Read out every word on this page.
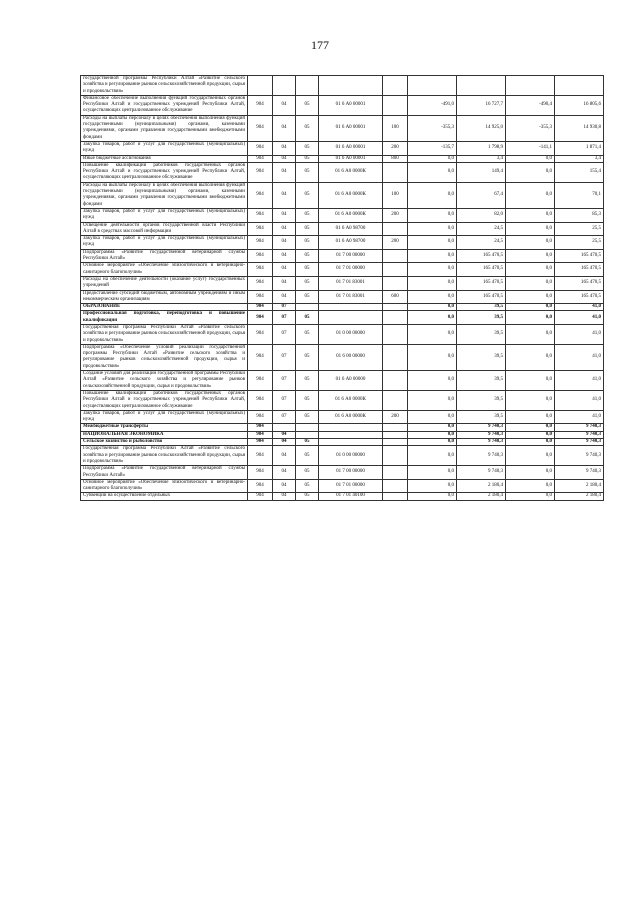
177
государственной программы Республики Алтай «Развитие сельского хозяйства и регулирование рынков сельскохозяйственной продукции, сырья и продовольствия»									
Финансовое обеспечение выполнения функций государственных органов Республики Алтай и государственных учреждений Республики Алтай, осуществляющих централизованное обслуживание	904	04	05	01 6 А0 00001		-491,0	16 727,7	-490,4	16 805,6
Расходы на выплаты персоналу в целях обеспечения выполнения функций государственными (муниципальными) органами, казенными учреждениями, органами управления государственными внебюджетными фондами	904	04	05	01 6 А0 00001	100	-355,3	14 925,0	-355,3	14 930,8
Закупка товаров, работ и услуг для государственных (муниципальных) нужд	904	04	05	01 6 А0 00001	200	-135,7	1 798,9	-141,1	1 871,4
Иные бюджетные ассигнования	904	04	05	01 6 А0 00001	800	0,0	3,4	0,0	3,4
Повышение квалификации работников государственных органов Республики Алтай и государственных учреждений Республики Алтай, осуществляющих централизованное обслуживание	904	04	05	01 6 А0 0000К		0,0	149,4	0,0	155,4
Расходы на выплаты персоналу в целях обеспечения выполнения функций государственными (муниципальными) органами, казенными учреждениями, органами управления государственными внебюджетными фондами	904	04	05	01 6 А0 0000К	100	0,0	67,4	0,0	70,1
Закупка товаров, работ и услуг для государственных (муниципальных) нужд	904	04	05	01 6 А0 0000К	200	0,0	82,0	0,0	85,3
Освещение деятельности органов государственной власти Республики Алтай в средствах массовой информации	904	04	05	01 6 А0 98700		0,0	24,5	0,0	25,5
Закупка товаров, работ и услуг для государственных (муниципальных) нужд	904	04	05	01 6 А0 98700	200	0,0	24,5	0,0	25,5
Подпрограмма «Развитие государственной ветеринарной службы Республики Алтай»	904	04	05	01 7 00 00000		0,0	165 470,5	0,0	165 470,5
Основное мероприятие «Обеспечение эпизоотического и ветеринарно-санитарного благополучия»	904	04	05	01 7 01 00000		0,0	165 470,5	0,0	165 470,5
Расходы на обеспечение деятельности (оказание услуг) государственных учреждений	904	04	05	01 7 01 83001		0,0	165 470,5	0,0	165 470,5
Предоставление субсидий бюджетным, автономным учреждениям и иным некоммерческим организациям	904	04	05	01 7 01 83001	600	0,0	165 470,5	0,0	165 470,5
ОБРАЗОВАНИЕ	904	07				0,0	39,5	0,0	41,0
Профессиональная подготовка, переподготовка и повышение квалификации	904	07	05			0,0	39,5	0,0	41,0
Государственная программа Республики Алтай «Развитие сельского хозяйства и регулирование рынков сельскохозяйственной продукции, сырья и продовольствия»	904	07	05	01 0 00 00000		0,0	39,5	0,0	41,0
Подпрограмма «Обеспечение условий реализации государственной программы Республики Алтай «Развитие сельского хозяйства и регулирование рынков сельскохозяйственной продукции, сырья и продовольствия»	904	07	05	01 6 00 00000		0,0	39,5	0,0	41,0
Создание условий для реализации государственной программы Республики Алтай «Развитие сельского хозяйства и регулирование рынков сельскохозяйственной продукции, сырья и продовольствия»	904	07	05	01 6 А0 00000		0,0	39,5	0,0	41,0
Повышение квалификации работников государственных органов Республики Алтай и государственных учреждений Республики Алтай, осуществляющих централизованное обслуживание	904	07	05	01 6 А0 0000К		0,0	39,5	0,0	41,0
Закупка товаров, работ и услуг для государственных (муниципальных) нужд	904	07	05	01 6 А0 0000К	200	0,0	39,5	0,0	41,0
Межбюджетные трансферты	904					0,0	9 740,3	0,0	9 740,3
НАЦИОНАЛЬНАЯ ЭКОНОМИКА	904	04				0,0	9 740,3	0,0	9 740,3
Сельское хозяйство и рыболовство	904	04	05			0,0	9 740,3	0,0	9 740,3
Государственная программа Республики Алтай «Развитие сельского хозяйства и регулирование рынков сельскохозяйственной продукции, сырья и продовольствия»	904	04	05	01 0 00 00000		0,0	9 740,3	0,0	9 740,3
Подпрограмма «Развитие государственной ветеринарной службы Республики Алтай»	904	04	05	01 7 00 00000		0,0	9 740,3	0,0	9 740,3
Основное мероприятие «Обеспечение эпизоотического и ветеринарно-санитарного благополучия»	904	04	05	01 7 01 00000		0,0	2 180,4	0,0	2 180,4
Субвенции на осуществление отдельных	904	04	05	01 7 01 40100		0,0	2 180,4	0,0	2 180,4
